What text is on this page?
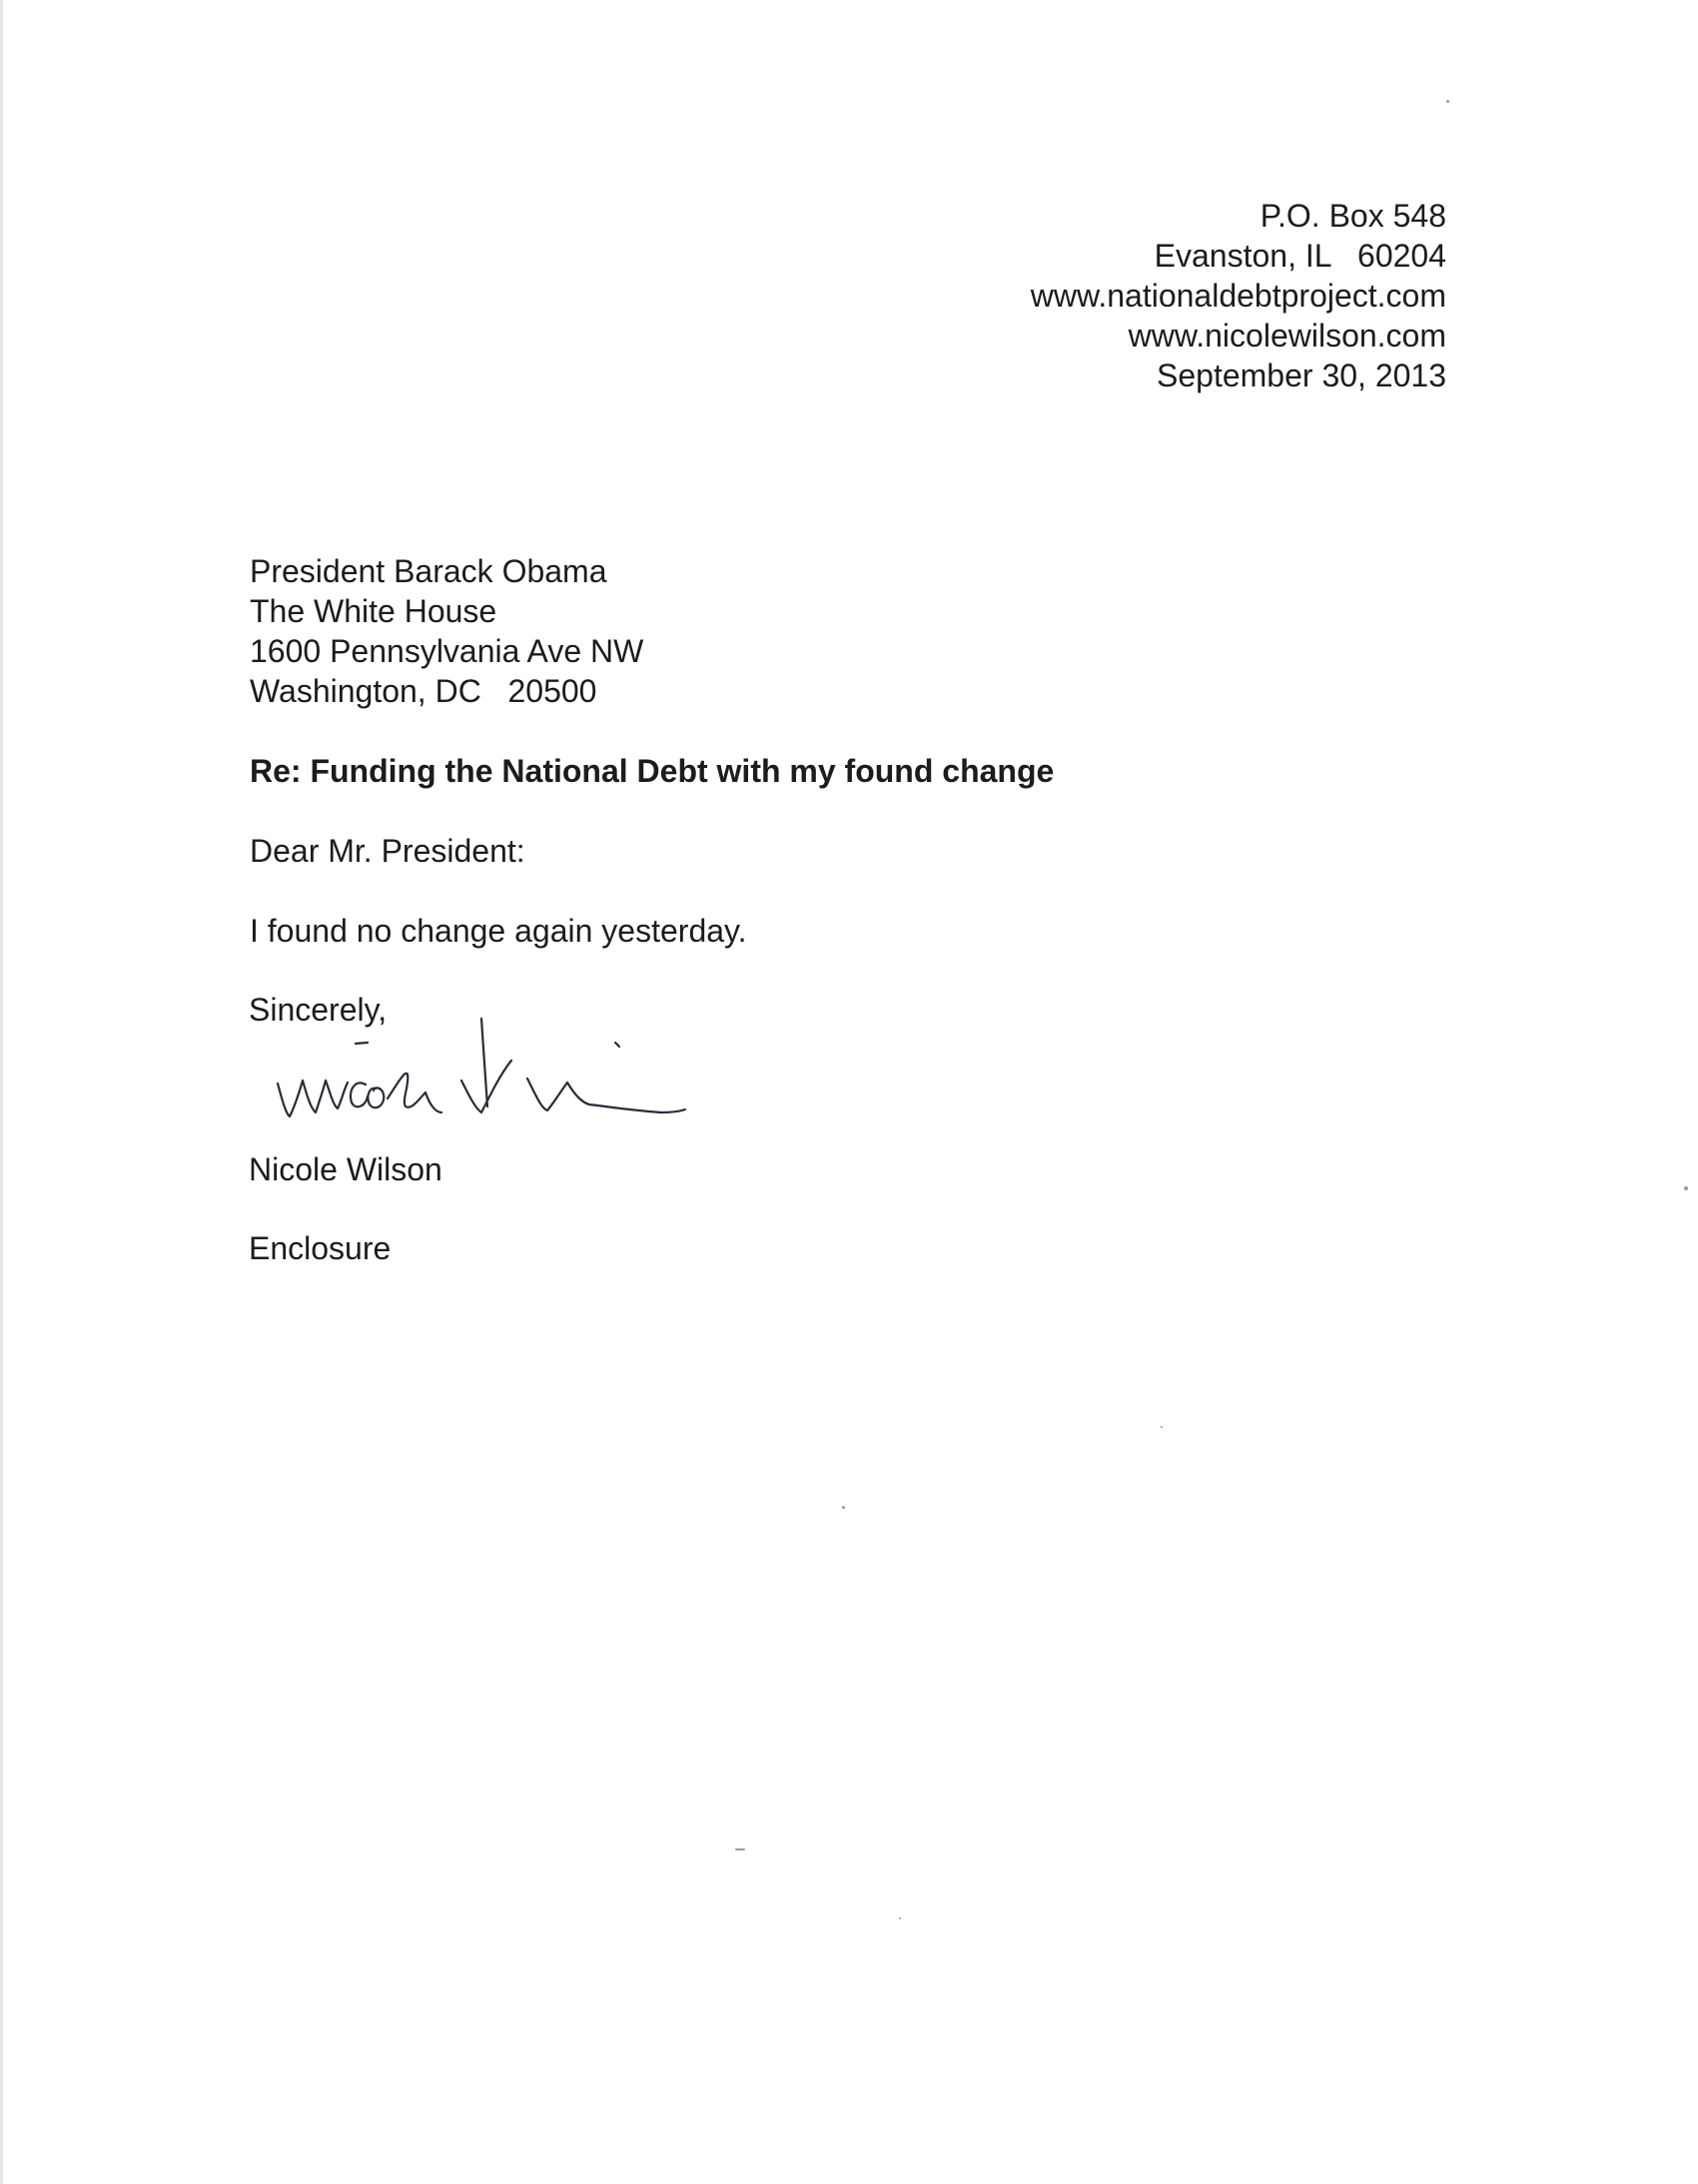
P.O. Box 548
Evanston, IL   60204
www.nationaldebtproject.com
www.nicolewilson.com
September 30, 2013
President Barack Obama
The White House
1600 Pennsylvania Ave NW
Washington, DC   20500
Re: Funding the National Debt with my found change
Dear Mr. President:
I found no change again yesterday.
Sincerely,
Nicole Wilson
Enclosure
